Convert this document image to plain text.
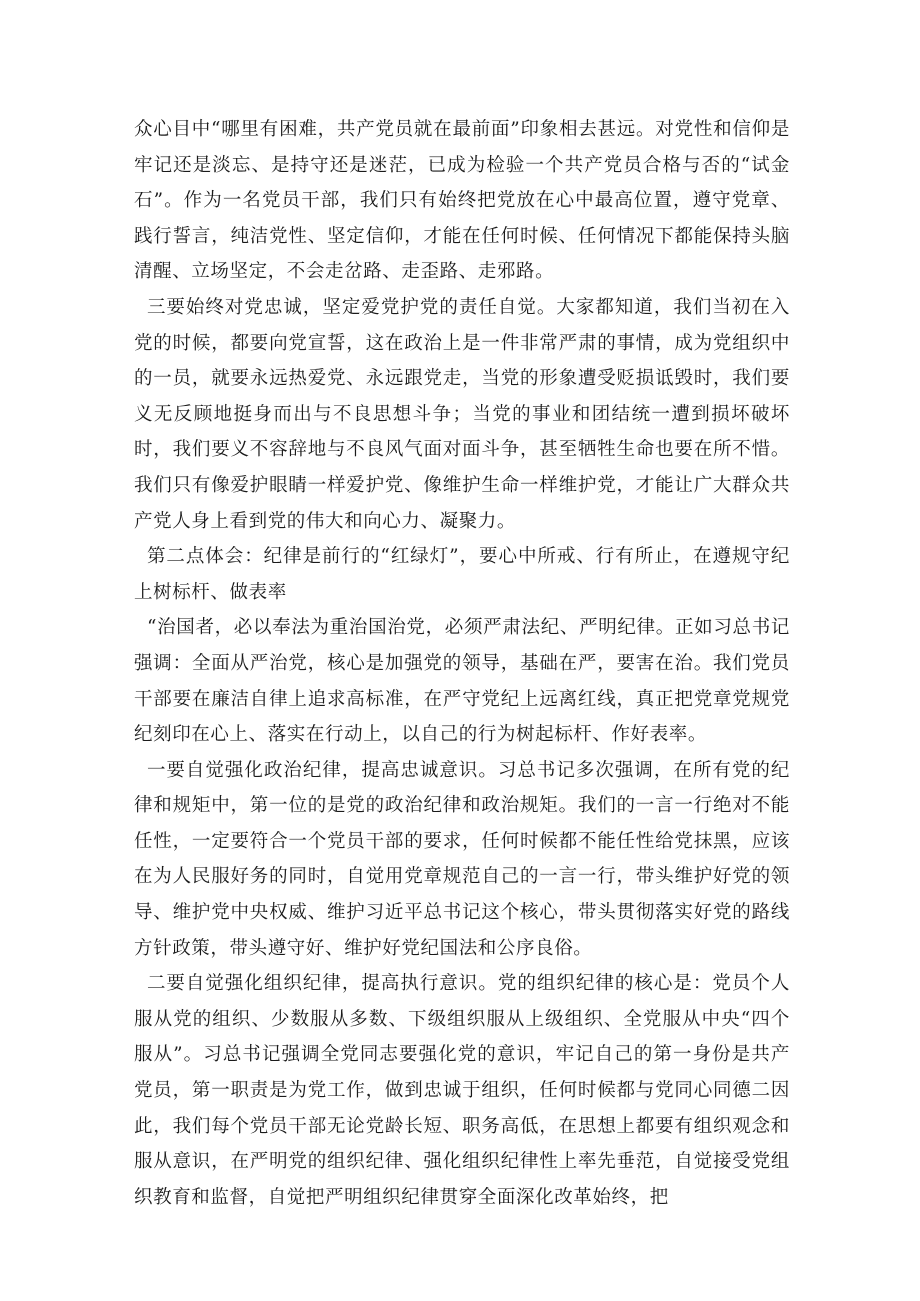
众心目中“哪里有困难，共产党员就在最前面”印象相去甚远。对党性和信仰是牢记还是淡忘、是持守还是迷茫，已成为检验一个共产党员合格与否的“试金石”。作为一名党员干部，我们只有始终把党放在心中最高位置，遵守党章、践行誓言，纯洁党性、坚定信仰，才能在任何时候、任何情况下都能保持头脑清醒、立场坚定，不会走岔路、走歪路、走邪路。

三要始终对党忠诚，坚定爱党护党的责任自觉。大家都知道，我们当初在入党的时候，都要向党宣誓，这在政治上是一件非常严肃的事情，成为党组织中的一员，就要永远热爱党、永远跟党走，当党的形象遭受贬损诋毁时，我们要义无反顾地挺身而出与不良思想斗争；当党的事业和团结统一遭到损坏破坏时，我们要义不容辞地与不良风气面对面斗争，甚至牺牲生命也要在所不惜。我们只有像爱护眼睛一样爱护党、像维护生命一样维护党，才能让广大群众共产党人身上看到党的伟大和向心力、凝聚力。

第二点体会：纪律是前行的“红绿灯”，要心中所戒、行有所止，在遵规守纪上树标杆、做表率

“治国者，必以奉法为重治国治党，必须严肃法纪、严明纪律。正如习总书记强调：全面从严治党，核心是加强党的领导，基础在严，要害在治。我们党员干部要在廉洁自律上追求高标准，在严守党纪上远离红线，真正把党章党规党纪刻印在心上、落实在行动上，以自己的行为树起标杆、作好表率。

一要自觉强化政治纪律，提高忠诚意识。习总书记多次强调，在所有党的纪律和规矩中，第一位的是党的政治纪律和政治规矩。我们的一言一行绝对不能任性，一定要符合一个党员干部的要求，任何时候都不能任性给党抹黑，应该在为人民服好务的同时，自觉用党章规范自己的一言一行，带头维护好党的领导、维护党中央权威、维护习近平总书记这个核心，带头贯彻落实好党的路线方针政策，带头遵守好、维护好党纪国法和公序良俗。

二要自觉强化组织纪律，提高执行意识。党的组织纪律的核心是：党员个人服从党的组织、少数服从多数、下级组织服从上级组织、全党服从中央“四个服从”。习总书记强调全党同志要强化党的意识，牢记自己的第一身份是共产党员，第一职责是为党工作，做到忠诚于组织，任何时候都与党同心同德二因此，我们每个党员干部无论党龄长短、职务高低，在思想上都要有组织观念和服从意识，在严明党的组织纪律、强化组织纪律性上率先垂范，自觉接受党组织教育和监督，自觉把严明组织纪律贯穿全面深化改革始终，把
